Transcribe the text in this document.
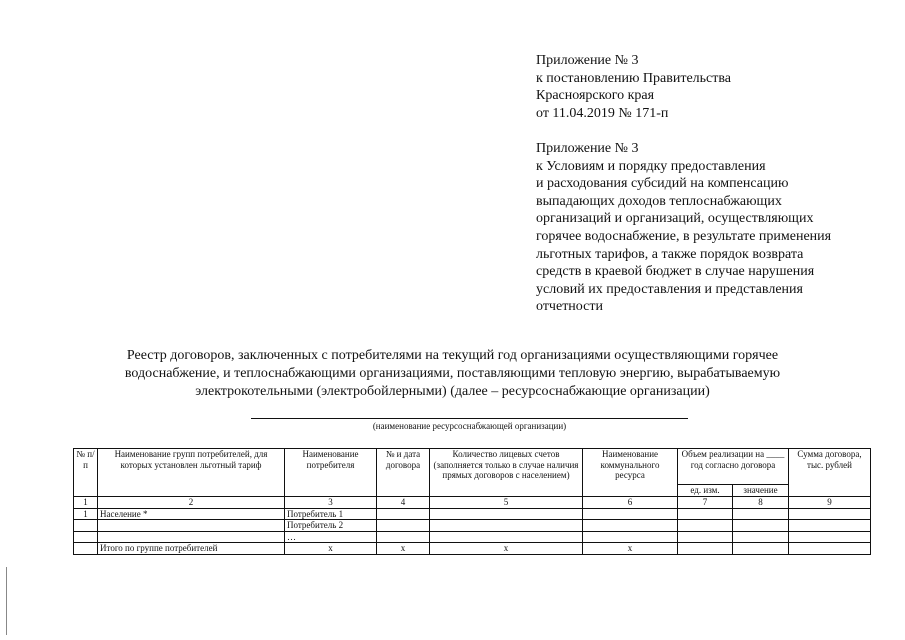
Приложение № 3
к постановлению Правительства
Красноярского края
от 11.04.2019 № 171-п
Приложение № 3
к Условиям и порядку предоставления
и расходования субсидий на компенсацию
выпадающих доходов теплоснабжающих
организаций и организаций, осуществляющих
горячее водоснабжение, в результате применения
льготных тарифов, а также порядок возврата
средств в краевой бюджет в случае нарушения
условий их предоставления и представления
отчетности
Реестр договоров, заключенных с потребителями на текущий год организациями осуществляющими горячее
водоснабжение, и теплоснабжающими организациями, поставляющими тепловую энергию, вырабатываемую
электрокотельными (электробойлерными) (далее – ресурсоснабжающие организации)
(наименование ресурсоснабжающей организации)
№ п/п	Наименование групп потребителей, для которых установлен льготный тариф	Наименование потребителя	№ и дата договора	Количество лицевых счетов (заполняется только в случае наличия прямых договоров с населением)	Наименование коммунального ресурса	Объем реализации на ____ год согласно договора		Сумма договора, тыс. рублей
						ед. изм.	значение	
1	2	3	4	5	6	7	8	9
1	Население *	Потребитель 1						
		Потребитель 2						
		…						
	Итого по группе потребителей	х	х	х	х			
